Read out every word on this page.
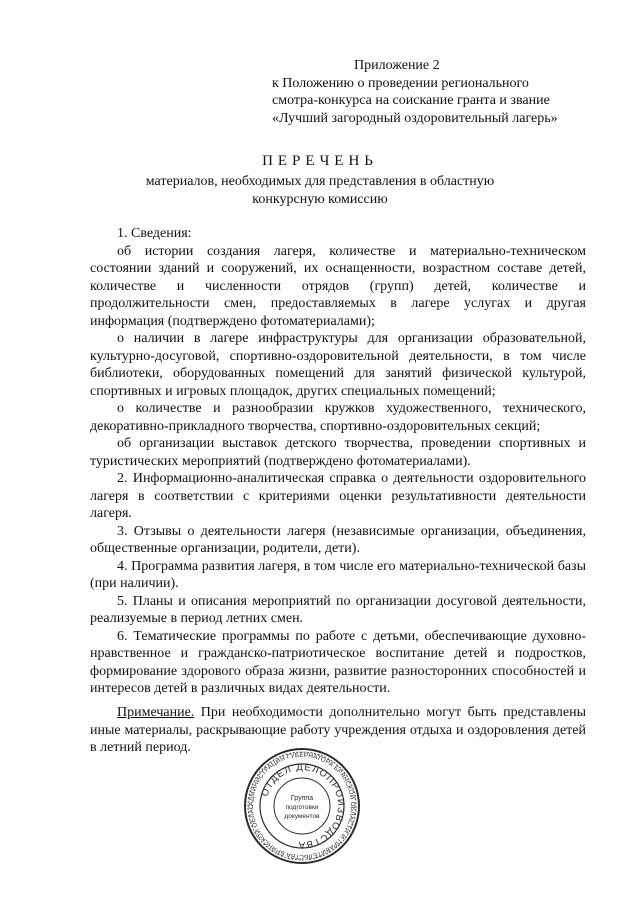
Приложение 2
к Положению о проведении регионального
смотра-конкурса на соискание гранта и звание
«Лучший загородный оздоровительный лагерь»
ПЕРЕЧЕНЬ
материалов, необходимых для представления в областную
конкурсную комиссию

1. Сведения:

об истории создания лагеря, количестве и материально-техническом состоянии зданий и сооружений, их оснащенности, возрастном составе детей, количестве и численности отрядов (групп) детей, количестве и продолжительности смен, предоставляемых в лагере услугах и другая информация (подтверждено фотоматериалами);

о наличии в лагере инфраструктуры для организации образовательной, культурно-досуговой, спортивно-оздоровительной деятельности, в том числе библиотеки, оборудованных помещений для занятий физической культурой, спортивных и игровых площадок, других специальных помещений;

о количестве и разнообразии кружков художественного, технического, декоративно-прикладного творчества, спортивно-оздоровительных секций;

об организации выставок детского творчества, проведении спортивных и туристических мероприятий (подтверждено фотоматериалами).

2. Информационно-аналитическая справка о деятельности оздоровительного лагеря в соответствии с критериями оценки результативности деятельности лагеря.

3. Отзывы о деятельности лагеря (независимые организации, объединения, общественные организации, родители, дети).

4. Программа развития лагеря, в том числе его материально-технической базы (при наличии).

5. Планы и описания мероприятий по организации досуговой деятельности, реализуемые в период летних смен.

6. Тематические программы по работе с детьми, обеспечивающие духовно-нравственное и гражданско-патриотическое воспитание детей и подростков, формирование здорового образа жизни, развитие разносторонних способностей и интересов детей в различных видах деятельности.

Примечание. При необходимости дополнительно могут быть представлены иные материалы, раскрывающие работу учреждения отдыха и оздоровления детей в летний период.
АДМИНИСТРАЦИЯ ГУБЕРНАТОРА БРЯНСКОЙ ОБЛАСТИ И ПРАВИТЕЛЬСТВА БРЯНСКОЙ ОБЛАС
ОТДЕЛ ДЕЛОПРОИЗВОДСТВА
Группа
подготовки
документов
